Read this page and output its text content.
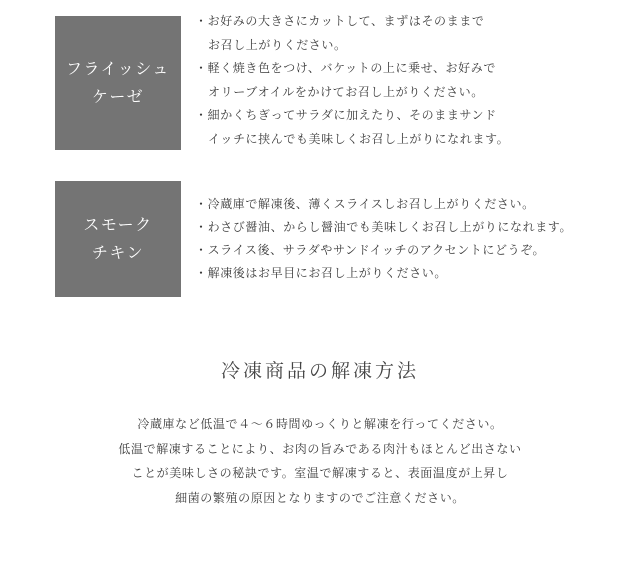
フライッシュ
ケーゼ
・お好みの大きさにカットして、まずはそのままで
お召し上がりください。
・軽く焼き色をつけ、バケットの上に乗せ、お好みで
オリーブオイルをかけてお召し上がりください。
・細かくちぎってサラダに加えたり、そのままサンド
イッチに挟んでも美味しくお召し上がりになれます。
スモーク
チキン
・冷蔵庫で解凍後、薄くスライスしお召し上がりください。
・わさび醤油、からし醤油でも美味しくお召し上がりになれます。
・スライス後、サラダやサンドイッチのアクセントにどうぞ。
・解凍後はお早目にお召し上がりください。
冷凍商品の解凍方法
冷蔵庫など低温で４～６時間ゆっくりと解凍を行ってください。
低温で解凍することにより、お肉の旨みである肉汁もほとんど出さない
ことが美味しさの秘訣です。室温で解凍すると、表面温度が上昇し
細菌の繁殖の原因となりますのでご注意ください。
